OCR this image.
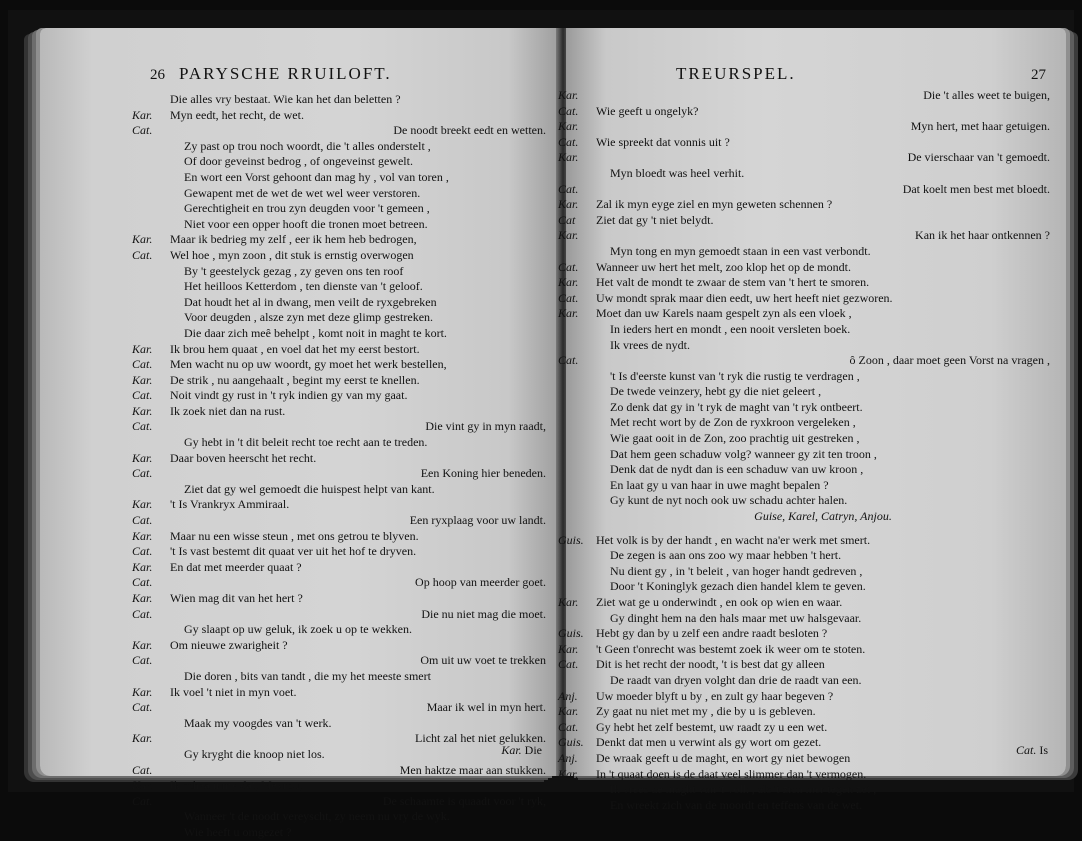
26 PARYSCHE RRUILOFT.
Die alles vry bestaat. Wie kan het dan beletten ?
Kar.	Myn eedt, het recht, de wet.
Cat.	De noodt breekt eedt en wetten.
Zy past op trou noch woordt, die 't alles onderstelt ,
Of door geveinst bedrog , of ongeveinst gewelt.
En wort een Vorst gehoont dan mag hy , vol van toren ,
Gewapent met de wet de wet wel weer verstoren.
Gerechtigheit en trou zyn deugden voor 't gemeen ,
Niet voor een opper hooft die tronen moet betreen.
Kar.	Maar ik bedrieg my zelf , eer ik hem heb bedrogen,
Cat.	Wel hoe , myn zoon , dit stuk is ernstig overwogen
By 't geestelyck gezag , zy geven ons ten roof
Het heilloos Ketterdom , ten dienste van 't geloof.
Dat houdt het al in dwang, men veilt de ryxgebreken
Voor deugden , alsze zyn met deze glimp gestreken.
Die daar zich meê behelpt , komt noit in maght te kort.
Kar.	Ik brou hem quaat , en voel dat het my eerst bestort.
Cat.	Men wacht nu op uw woordt, gy moet het werk bestellen,
Kar.	De strik , nu aangehaalt , begint my eerst te knellen.
Cat.	Noit vindt gy rust in 't ryk indien gy van my gaat.
Kar.	Ik zoek niet dan na rust.
Cat.	Die vint gy in myn raadt,
Gy hebt in 't dit beleit recht toe recht aan te treden.
Kar.	Daar boven heerscht het recht.
Cat.	Een Koning hier beneden.
Ziet dat gy wel gemoedt die huispest helpt van kant.
Kar.	't Is Vrankryx Ammiraal.
Cat.	Een ryxplaag voor uw landt.
Kar.	Maar nu een wisse steun , met ons getrou te blyven.
Cat.	't Is vast bestemt dit quaat ver uit het hof te dryven.
Kar.	En dat met meerder quaat ?
Cat.	Op hoop van meerder goet.
Kar.	Wien mag dit van het hert ?
Cat.	Die nu niet mag die moet.
Gy slaapt op uw geluk, ik zoek u op te wekken.
Kar.	Om nieuwe zwarigheit ?
Cat.	Om uit uw voet te trekken
Die doren , bits van tandt , die my het meeste smert
Kar.	Ik voel 't niet in myn voet.
Cat.	Maar ik wel in myn hert.
Maak my voogdes van 't werk.
Kar.	Licht zal het niet gelukken.
Gy kryght die knoop niet los.
Cat.	Men haktze maar aan stukken.
Kar.	Ik schaam my dat, Mevrou,
Cat.	De schaamte is quaadt voor 't ryk,
Wanneer 't de noodt vereyscht, zy neem nu vry de wyk.
Wie heeft u omgezet ?
Kar. Die
TREURSPEL.	27
Kar.	Die 't alles weet te buigen,
Cat.	Wie geeft u ongelyk?
Kar.	Myn hert, met haar getuigen.
Cat.	Wie spreekt dat vonnis uit ?
Kar.	De vierschaar van 't gemoedt.
Myn bloedt was heel verhit.
Cat.	Dat koelt men best met bloedt.
Kar.	Zal ik myn eyge ziel en myn geweten schennen ?
Cat	Ziet dat gy 't niet belydt.
Kar.	Kan ik het haar ontkennen ?
Myn tong en myn gemoedt staan in een vast verbondt.
Cat.	Wanneer uw hert het melt, zoo klop het op de mondt.
Kar.	Het valt de mondt te zwaar de stem van 't hert te smoren.
Cat.	Uw mondt sprak maar dien eedt, uw hert heeft niet gezworen.
Kar.	Moet dan uw Karels naam gespelt zyn als een vloek ,
In ieders hert en mondt , een nooit versleten boek.
Ik vrees de nydt.
Cat.	ô Zoon , daar moet geen Vorst na vragen ,
't Is d'eerste kunst van 't ryk die rustig te verdragen ,
De twede veinzery, hebt gy die niet geleert ,
Zo denk dat gy in 't ryk de maght van 't ryk ontbeert.
Met recht wort by de Zon de ryxkroon vergeleken ,
Wie gaat ooit in de Zon, zoo prachtig uit gestreken ,
Dat hem geen schaduw volg? wanneer gy zit ten troon ,
Denk dat de nydt dan is een schaduw van uw kroon ,
En laat gy u van haar in uwe maght bepalen ?
Gy kunt de nyt noch ook uw schadu achter halen.
Guise, Karel, Catryn, Anjou.
Guis.	Het volk is by der handt , en wacht na'er werk met smert.
De zegen is aan ons zoo wy maar hebben 't hert.
Nu dient gy , in 't beleit , van hoger handt gedreven ,
Door 't Koninglyk gezach dien handel klem te geven.
Kar.	Ziet wat ge u onderwindt , en ook op wien en waar.
Gy dinght hem na den hals maar met uw halsgevaar.
Guis.	Hebt gy dan by u zelf een andre raadt besloten ?
Kar.	't Geen t'onrecht was bestemt zoek ik weer om te stoten.
Cat.	Dit is het recht der noodt, 't is best dat gy alleen
De raadt van dryen volght dan drie de raadt van een.
Anj.	Uw moeder blyft u by , en zult gy haar begeven ?
Kar.	Zy gaat nu niet met my , die by u is gebleven.
Cat.	Gy hebt het zelf bestemt, uw raadt zy u een wet.
Guis.	Denkt dat men u verwint als gy wort om gezet.
Anj.	De wraak geeft u de maght, en wort gy niet bewogen
Kar.	In 't quaat doen is de daat veel slimmer dan 't vermogen.
Ik vrees de maght van 't volk , als 't zich hier tegen zet ,
En wreekt zich van de moordt en teffens van de wet.
Cat. Is
